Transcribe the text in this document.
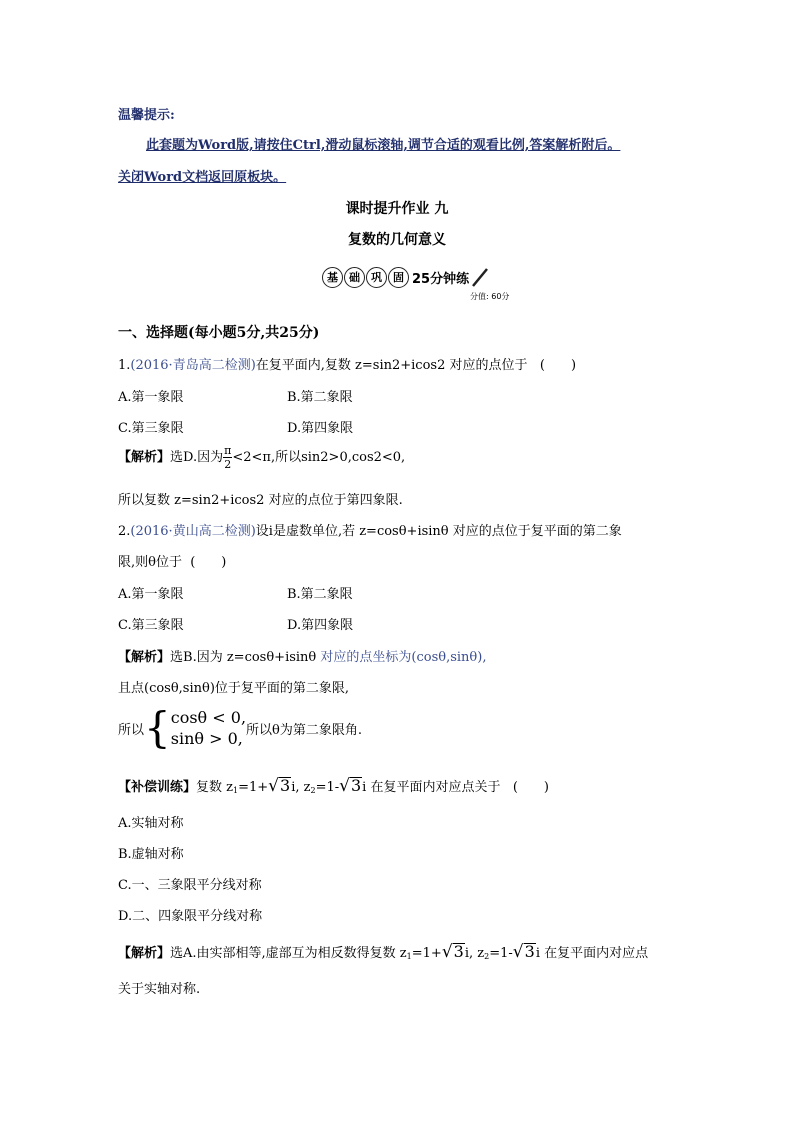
温馨提示:
此套题为Word版,请按住Ctrl,滑动鼠标滚轴,调节合适的观看比例,答案解析附后。
关闭Word文档返回原板块。
课时提升作业 九
复数的几何意义
基	础	巩	固 25分钟练
分值: 60分
一、选择题(每小题5分,共25分)
1.(2016·青岛高二检测)在复平面内,复数 z=sin2+icos2 对应的点位于 (　　)
A.第一象限	B.第二象限
C.第三象限	D.第四象限
【解析】选D.因为 $\frac{\pi}{2} <2<\pi$,所以sin2>0,cos2<0,
所以复数 z=sin2+icos2 对应的点位于第四象限.
2.(2016·黄山高二检测)设i是虚数单位,若 z=cosθ+isinθ 对应的点位于复平面的第二象
限,则θ位于 (　　)
A.第一象限	B.第二象限
C.第三象限	D.第四象限
【解析】选B.因为 z=cosθ+isinθ 对应的点坐标为(cosθ,sinθ),
且点(cosθ,sinθ)位于复平面的第二象限,
所以 { cosθ < 0,
sinθ > 0, 所以θ为第二象限角.
【补偿训练】复数 $z_1=1+√3i$, $z_2=1-√3i$ 在复平面内对应点关于 (　　)
A.实轴对称
B.虚轴对称
C.一、三象限平分线对称
D.二、四象限平分线对称
【解析】选A.由实部相等,虚部互为相反数得复数 $z_1=1+√3i$, $z_2=1-√3i$ 在复平面内对应点
关于实轴对称.
